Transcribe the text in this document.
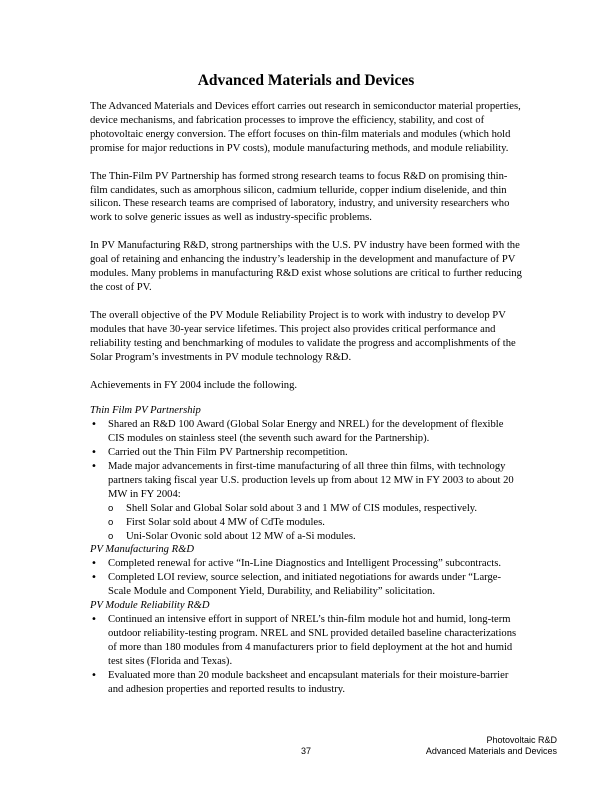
Advanced Materials and Devices

The Advanced Materials and Devices effort carries out research in semiconductor material properties, device mechanisms, and fabrication processes to improve the efficiency, stability, and cost of photovoltaic energy conversion. The effort focuses on thin-film materials and modules (which hold promise for major reductions in PV costs), module manufacturing methods, and module reliability.

The Thin-Film PV Partnership has formed strong research teams to focus R&D on promising thin-film candidates, such as amorphous silicon, cadmium telluride, copper indium diselenide, and thin silicon. These research teams are comprised of laboratory, industry, and university researchers who work to solve generic issues as well as industry-specific problems.

In PV Manufacturing R&D, strong partnerships with the U.S. PV industry have been formed with the goal of retaining and enhancing the industry’s leadership in the development and manufacture of PV modules. Many problems in manufacturing R&D exist whose solutions are critical to further reducing the cost of PV.

The overall objective of the PV Module Reliability Project is to work with industry to develop PV modules that have 30-year service lifetimes. This project also provides critical performance and reliability testing and benchmarking of modules to validate the progress and accomplishments of the Solar Program’s investments in PV module technology R&D.

Achievements in FY 2004 include the following.

Thin Film PV Partnership
• Shared an R&D 100 Award (Global Solar Energy and NREL) for the development of flexible CIS modules on stainless steel (the seventh such award for the Partnership).
• Carried out the Thin Film PV Partnership recompetition.
• Made major advancements in first-time manufacturing of all three thin films, with technology partners taking fiscal year U.S. production levels up from about 12 MW in FY 2003 to about 20 MW in FY 2004:
o Shell Solar and Global Solar sold about 3 and 1 MW of CIS modules, respectively.
o First Solar sold about 4 MW of CdTe modules.
o Uni-Solar Ovonic sold about 12 MW of a-Si modules.
PV Manufacturing R&D
• Completed renewal for active “In-Line Diagnostics and Intelligent Processing” subcontracts.
• Completed LOI review, source selection, and initiated negotiations for awards under “Large-Scale Module and Component Yield, Durability, and Reliability” solicitation.
PV Module Reliability R&D
• Continued an intensive effort in support of NREL’s thin-film module hot and humid, long-term outdoor reliability-testing program. NREL and SNL provided detailed baseline characterizations of more than 180 modules from 4 manufacturers prior to field deployment at the hot and humid test sites (Florida and Texas).
• Evaluated more than 20 module backsheet and encapsulant materials for their moisture-barrier and adhesion properties and reported results to industry.
37
Photovoltaic R&D
Advanced Materials and Devices
